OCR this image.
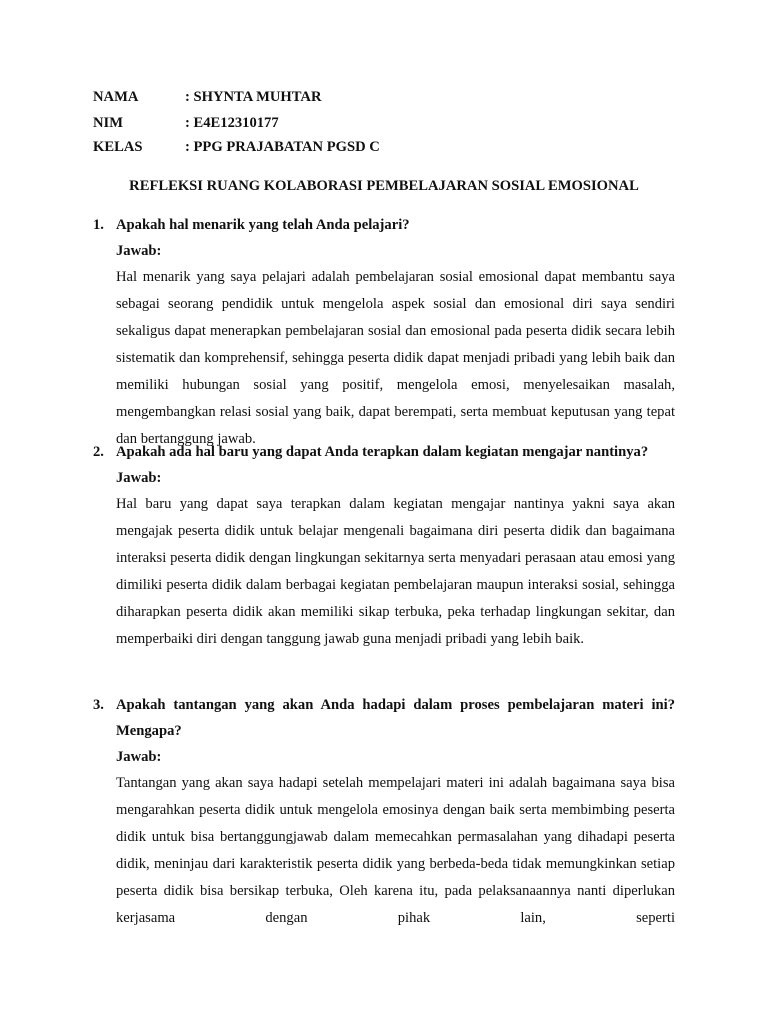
NAMA	: SHYNTA MUHTAR
NIM	: E4E12310177
KELAS	: PPG PRAJABATAN PGSD C
REFLEKSI RUANG KOLABORASI PEMBELAJARAN SOSIAL EMOSIONAL
1. Apakah hal menarik yang telah Anda pelajari?
Jawab:
Hal menarik yang saya pelajari adalah pembelajaran sosial emosional dapat membantu saya sebagai seorang pendidik untuk mengelola aspek sosial dan emosional diri saya sendiri sekaligus dapat menerapkan pembelajaran sosial dan emosional pada peserta didik secara lebih sistematik dan komprehensif, sehingga peserta didik dapat menjadi pribadi yang lebih baik dan memiliki hubungan sosial yang positif, mengelola emosi, menyelesaikan masalah, mengembangkan relasi sosial yang baik, dapat berempati, serta membuat keputusan yang tepat dan bertanggung jawab.
2. Apakah ada hal baru yang dapat Anda terapkan dalam kegiatan mengajar nantinya?
Jawab:
Hal baru yang dapat saya terapkan dalam kegiatan mengajar nantinya yakni saya akan mengajak peserta didik untuk belajar mengenali bagaimana diri peserta didik dan bagaimana interaksi peserta didik dengan lingkungan sekitarnya serta menyadari perasaan atau emosi yang dimiliki peserta didik dalam berbagai kegiatan pembelajaran maupun interaksi sosial, sehingga diharapkan peserta didik akan memiliki sikap terbuka, peka terhadap lingkungan sekitar, dan memperbaiki diri dengan tanggung jawab guna menjadi pribadi yang lebih baik.
3. Apakah tantangan yang akan Anda hadapi dalam proses pembelajaran materi ini? Mengapa?
Jawab:
Tantangan yang akan saya hadapi setelah mempelajari materi ini adalah bagaimana saya bisa mengarahkan peserta didik untuk mengelola emosinya dengan baik serta membimbing peserta didik untuk bisa bertanggungjawab dalam memecahkan permasalahan yang dihadapi peserta didik, meninjau dari karakteristik peserta didik yang berbeda-beda tidak memungkinkan setiap peserta didik bisa bersikap terbuka, Oleh karena itu, pada pelaksanaannya nanti diperlukan kerjasama dengan pihak lain, seperti
